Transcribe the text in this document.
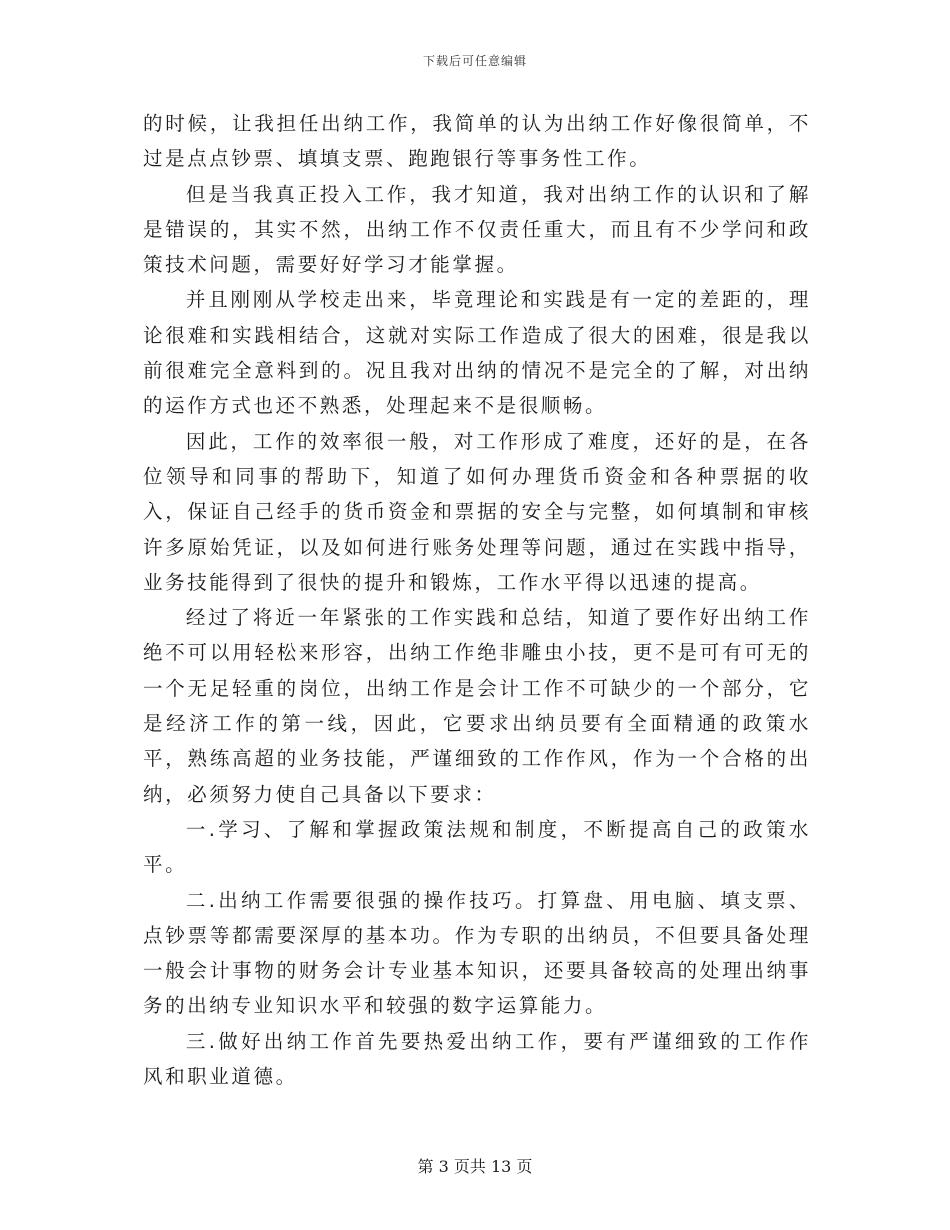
下载后可任意编辑

的时候，让我担任出纳工作，我简单的认为出纳工作好像很简单，不过是点点钞票、填填支票、跑跑银行等事务性工作。

但是当我真正投入工作，我才知道，我对出纳工作的认识和了解是错误的，其实不然，出纳工作不仅责任重大，而且有不少学问和政策技术问题，需要好好学习才能掌握。

并且刚刚从学校走出来，毕竟理论和实践是有一定的差距的，理论很难和实践相结合，这就对实际工作造成了很大的困难，很是我以前很难完全意料到的。况且我对出纳的情况不是完全的了解，对出纳的运作方式也还不熟悉，处理起来不是很顺畅。

因此，工作的效率很一般，对工作形成了难度，还好的是，在各位领导和同事的帮助下，知道了如何办理货币资金和各种票据的收入，保证自己经手的货币资金和票据的安全与完整，如何填制和审核许多原始凭证，以及如何进行账务处理等问题，通过在实践中指导，业务技能得到了很快的提升和锻炼，工作水平得以迅速的提高。

经过了将近一年紧张的工作实践和总结，知道了要作好出纳工作绝不可以用轻松来形容，出纳工作绝非雕虫小技，更不是可有可无的一个无足轻重的岗位，出纳工作是会计工作不可缺少的一个部分，它是经济工作的第一线，因此，它要求出纳员要有全面精通的政策水平，熟练高超的业务技能，严谨细致的工作作风，作为一个合格的出纳，必须努力使自己具备以下要求：

一.学习、了解和掌握政策法规和制度，不断提高自己的政策水平。

二.出纳工作需要很强的操作技巧。打算盘、用电脑、填支票、点钞票等都需要深厚的基本功。作为专职的出纳员，不但要具备处理一般会计事物的财务会计专业基本知识，还要具备较高的处理出纳事务的出纳专业知识水平和较强的数字运算能力。

三.做好出纳工作首先要热爱出纳工作，要有严谨细致的工作作风和职业道德。

第 3 页共 13 页
